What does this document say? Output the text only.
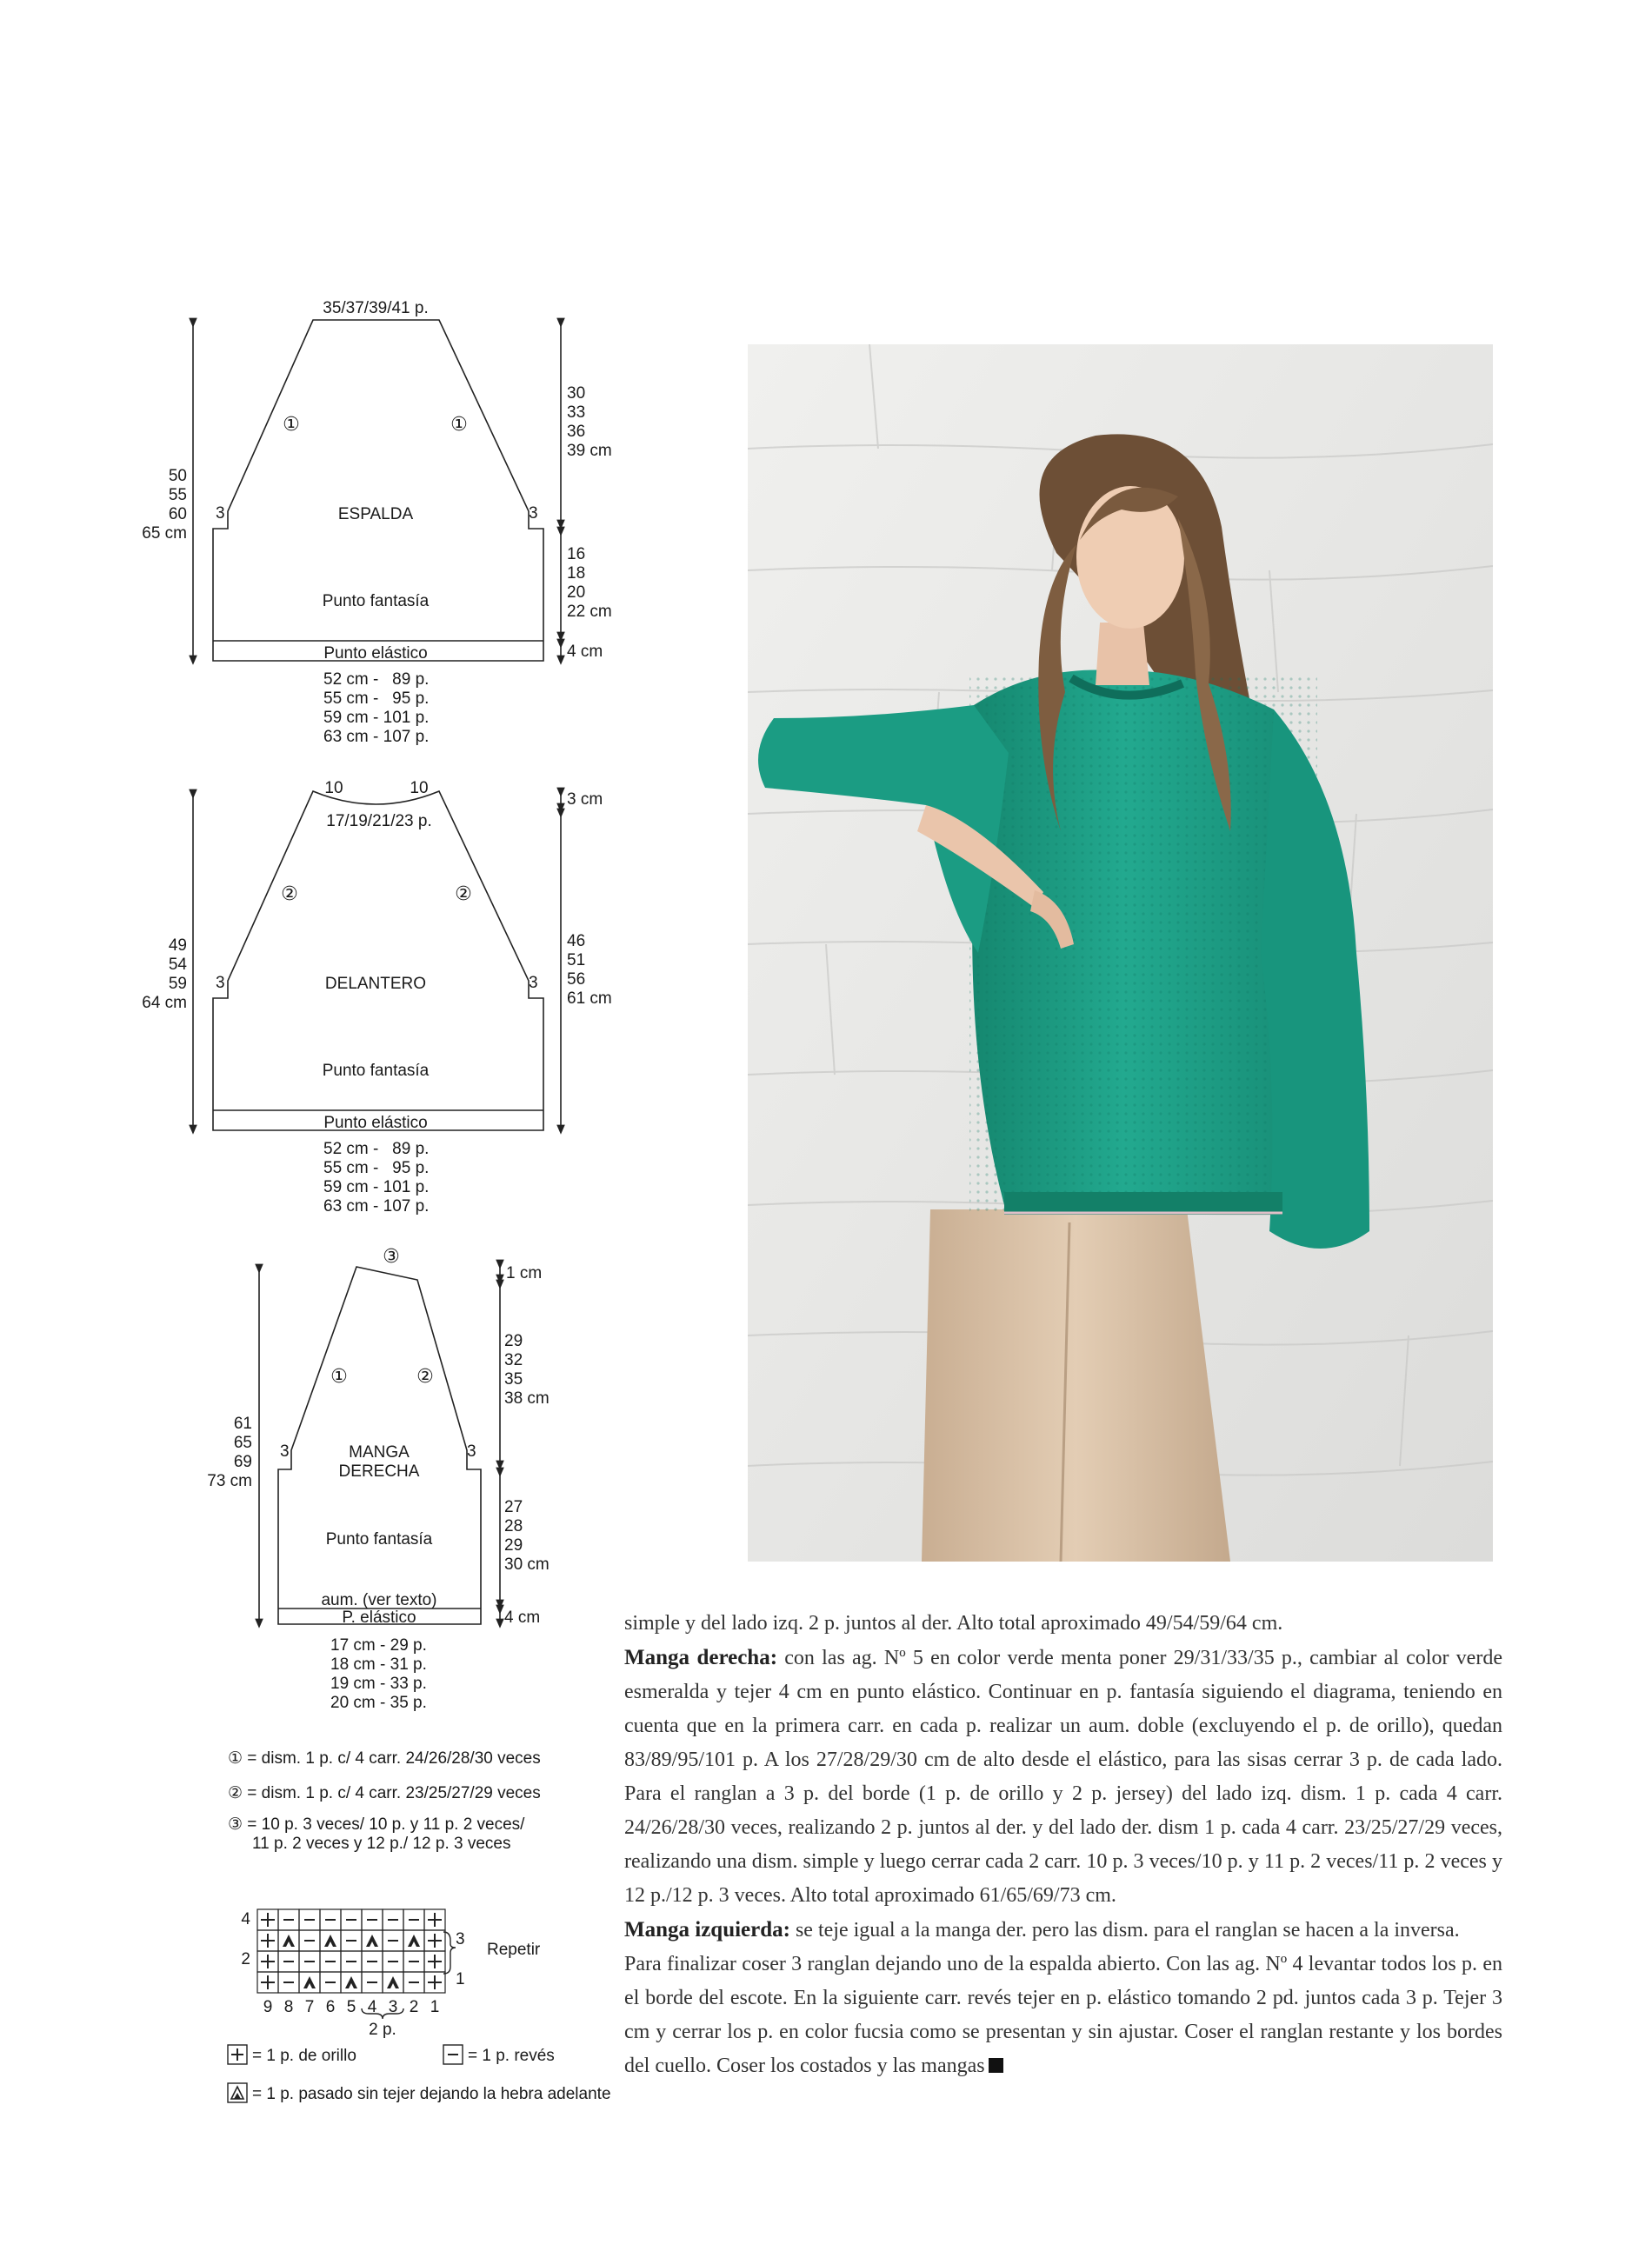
35/37/39/41 p.
50
55
60
65 cm
30
33
36
39 cm
16
18
20
22 cm
4 cm
3	3
①	①
ESPALDA
Punto fantasía
Punto elástico
52 cm -   89 p.
55 cm -   95 p.
59 cm - 101 p.
63 cm - 107 p.
10	10
17/19/21/23 p.
3 cm
49
54
59
64 cm
46
51
56
61 cm
3	3
②	②
DELANTERO
Punto fantasía
Punto elástico
52 cm -   89 p.
55 cm -   95 p.
59 cm - 101 p.
63 cm - 107 p.
③
1 cm
29
32
35
38 cm
61
65
69
73 cm
27
28
29
30 cm
4 cm
3	3
①	②
MANGA
DERECHA
Punto fantasía
aum. (ver texto)
P. elástico
17 cm - 29 p.
18 cm - 31 p.
19 cm - 33 p.
20 cm - 35 p.
① = dism. 1 p. c/ 4 carr. 24/26/28/30 veces
② = dism. 1 p. c/ 4 carr. 23/25/27/29 veces
③ = 10 p. 3 veces/ 10 p. y 11 p. 2 veces/
11 p. 2 veces y 12 p./ 12 p. 3 veces
4
2
3
1
Repetir
9 8 7 6 5 4 3 2 1
2 p.
= 1 p. de orillo	= 1 p. revés
= 1 p. pasado sin tejer dejando la hebra adelante

simple y del lado izq. 2 p. juntos al der. Alto total aproximado 49/54/59/64 cm.

Manga derecha: con las ag. Nº 5 en color verde menta poner 29/31/33/35 p., cambiar al color verde esmeralda y tejer 4 cm en punto elástico. Continuar en p. fantasía siguiendo el diagrama, teniendo en cuenta que en la primera carr. en cada p. realizar un aum. doble (excluyendo el p. de orillo), quedan 83/89/95/101 p. A los 27/28/29/30 cm de alto desde el elástico, para las sisas cerrar 3 p. de cada lado. Para el ranglan a 3 p. del borde (1 p. de orillo y 2 p. jersey) del lado izq. dism. 1 p. cada 4 carr. 24/26/28/30 veces, realizando 2 p. juntos al der. y del lado der. dism 1 p. cada 4 carr. 23/25/27/29 veces, realizando una dism. simple y luego cerrar cada 2 carr. 10 p. 3 veces/10 p. y 11 p. 2 veces/11 p. 2 veces y 12 p./12 p. 3 veces. Alto total aproximado 61/65/69/73 cm.

Manga izquierda: se teje igual a la manga der. pero las dism. para el ranglan se hacen a la inversa.

Para finalizar coser 3 ranglan dejando uno de la espalda abierto. Con las ag. Nº 4 levantar todos los p. en el borde del escote. En la siguiente carr. revés tejer en p. elástico tomando 2 pd. juntos cada 3 p. Tejer 3 cm y cerrar los p. en color fucsia como se presentan y sin ajustar. Coser el ranglan restante y los bordes del cuello. Coser los costados y las mangas
